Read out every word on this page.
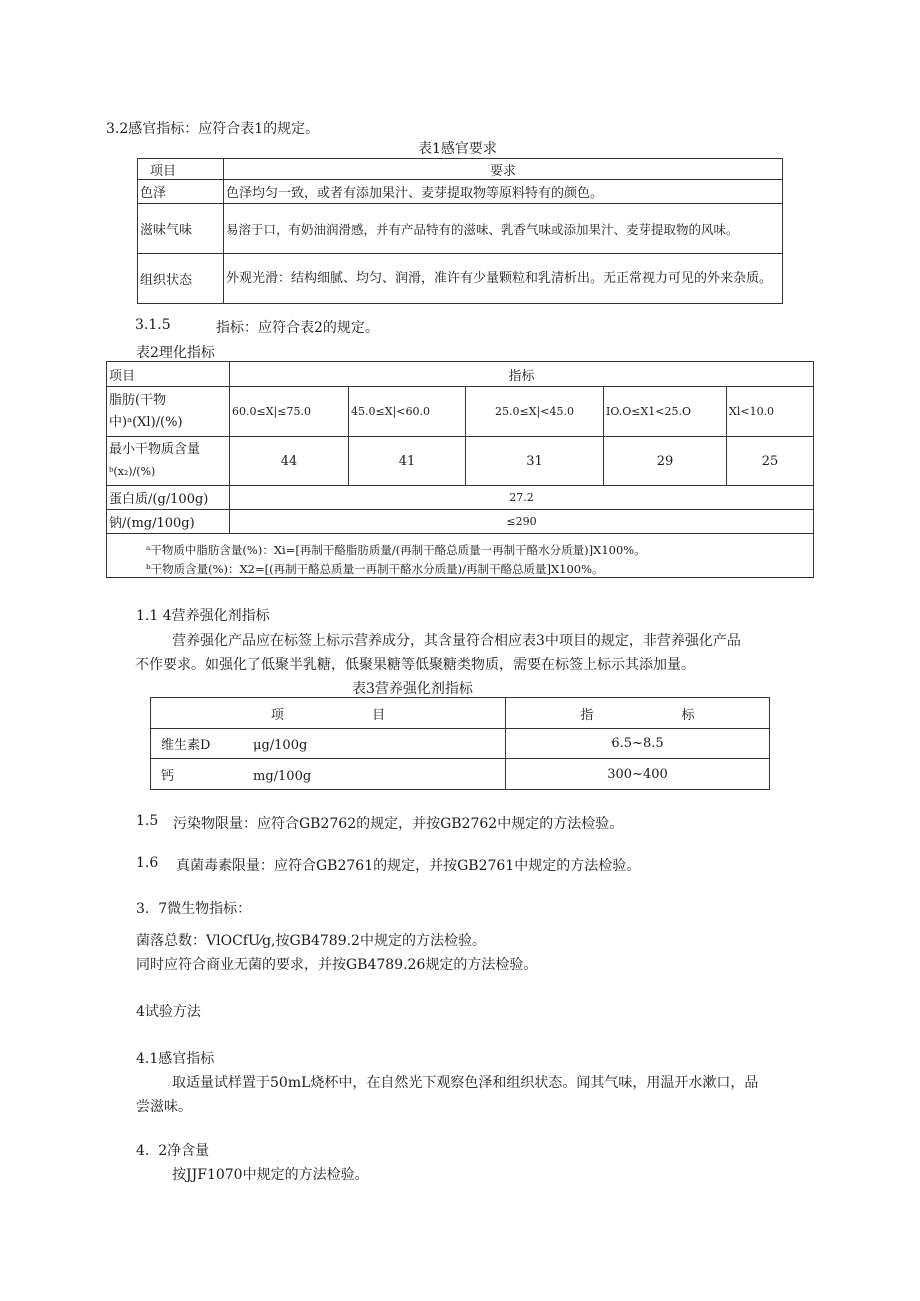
3.2感官指标：应符合表1的规定。
表1感官要求
项目	要求
色泽	色泽均匀一致，或者有添加果汁、麦芽提取物等原料特有的颜色。
滋味气味	易溶于口，有奶油润滑感，并有产品特有的滋味、乳香气味或添加果汁、麦芽提取物的风味。
组织状态	外观光滑：结构细腻、均匀、润滑，准许有少量颗粒和乳清析出。无正常视力可见的外来杂质。
3.1.5	指标：应符合表2的规定。
表2理化指标
项目	指标				

脂肪(干物
中)ᵃ(Xl)/(%)	60.0≤X|≤75.0	45.0≤X|<60.0	25.0≤X|<45.0	IO.O≤X1<25.O	Xl<10.0

最小干物质含量
ᵇ(x₂)/(%)	44	41	31	29	25
蛋白质/(g/100g)	27.2				
钠/(mg/100g)	≤290				

ᵃ干物质中脂肪含量(%)：Xi=[再制干酪脂肪质量/(再制干酪总质量一再制干酪水分质量)]X100%。
ᵇ干物质含量(%)：X2=[(再制干酪总质量一再制干酪水分质量)/再制干酪总质量]X100%。
1.1 4营养强化剂指标
营养强化产品应在标签上标示营养成分，其含量符合相应表3中项目的规定，非营养强化产品
不作要求。如强化了低聚半乳糖，低聚果糖等低聚糖类物质，需要在标签上标示其添加量。
表3营养强化剂指标
项 目	指 标
维生素D μg/100g	6.5~8.5
钙 mg/100g	300~400
1.5 污染物限量：应符合GB2762的规定，并按GB2762中规定的方法检验。
1.6 真菌毒素限量：应符合GB2761的规定，并按GB2761中规定的方法检验。
3.  7微生物指标：
菌落总数：VlOCfU⁄g,按GB4789.2中规定的方法检验。
同时应符合商业无菌的要求，并按GB4789.26规定的方法检验。
4试验方法
4.1感官指标
取适量试样置于50mL烧杯中，在自然光下观察色泽和组织状态。闻其气味，用温开水漱口，品
尝滋味。
4.  2净含量
按JJF1070中规定的方法检验。
